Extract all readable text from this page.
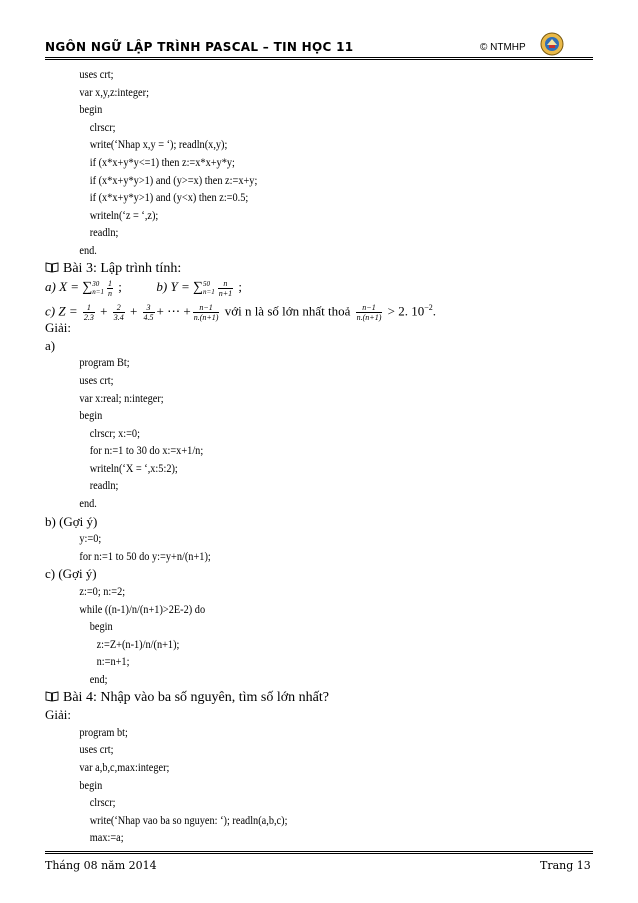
NGÔN NGỮ LẬP TRÌNH PASCAL – TIN HỌC 11	© NTMHP
uses crt;
var x,y,z:integer;
begin
clrscr;
write(‘Nhap x,y = ‘); readln(x,y);
if (x*x+y*y<=1) then z:=x*x+y*y;
if (x*x+y*y>1) and (y>=x) then z:=x+y;
if (x*x+y*y>1) and (y<x) then z:=0.5;
writeln(‘z = ‘,z);
readln;
end.
Bài 3: Lập trình tính:
a) X = ∑ 30
$n=1 \frac{1}{n}$ ;	b) Y = ∑ 50
$n=1 \frac{n}{n+1}$ ;
c) $Z = \frac{1}{2.3} + \frac{2}{3.4} + \frac{3}{4.5}$ + ⋯ + $\frac{n-1}{n.(n+1)}$ với n là số lớn nhất thoả $\frac{n-1}{n.(n+1)} > 2$. $10^{-2}$.
Giải:
a)
program Bt;
uses crt;
var x:real; n:integer;
begin
clrscr; x:=0;
for n:=1 to 30 do x:=x+1/n;
writeln(‘X = ‘,x:5:2);
readln;
end.
b) (Gợi ý)
y:=0;
for n:=1 to 50 do y:=y+n/(n+1);
c) (Gợi ý)
z:=0; n:=2;
while ((n-1)/n/(n+1)>2E-2) do
begin
z:=Z+(n-1)/n/(n+1);
n:=n+1;
end;
Bài 4: Nhập vào ba số nguyên, tìm số lớn nhất?
Giải:
program bt;
uses crt;
var a,b,c,max:integer;
begin
clrscr;
write(‘Nhap vao ba so nguyen: ‘); readln(a,b,c);
max:=a;
Tháng 08 năm 2014	Trang 13
